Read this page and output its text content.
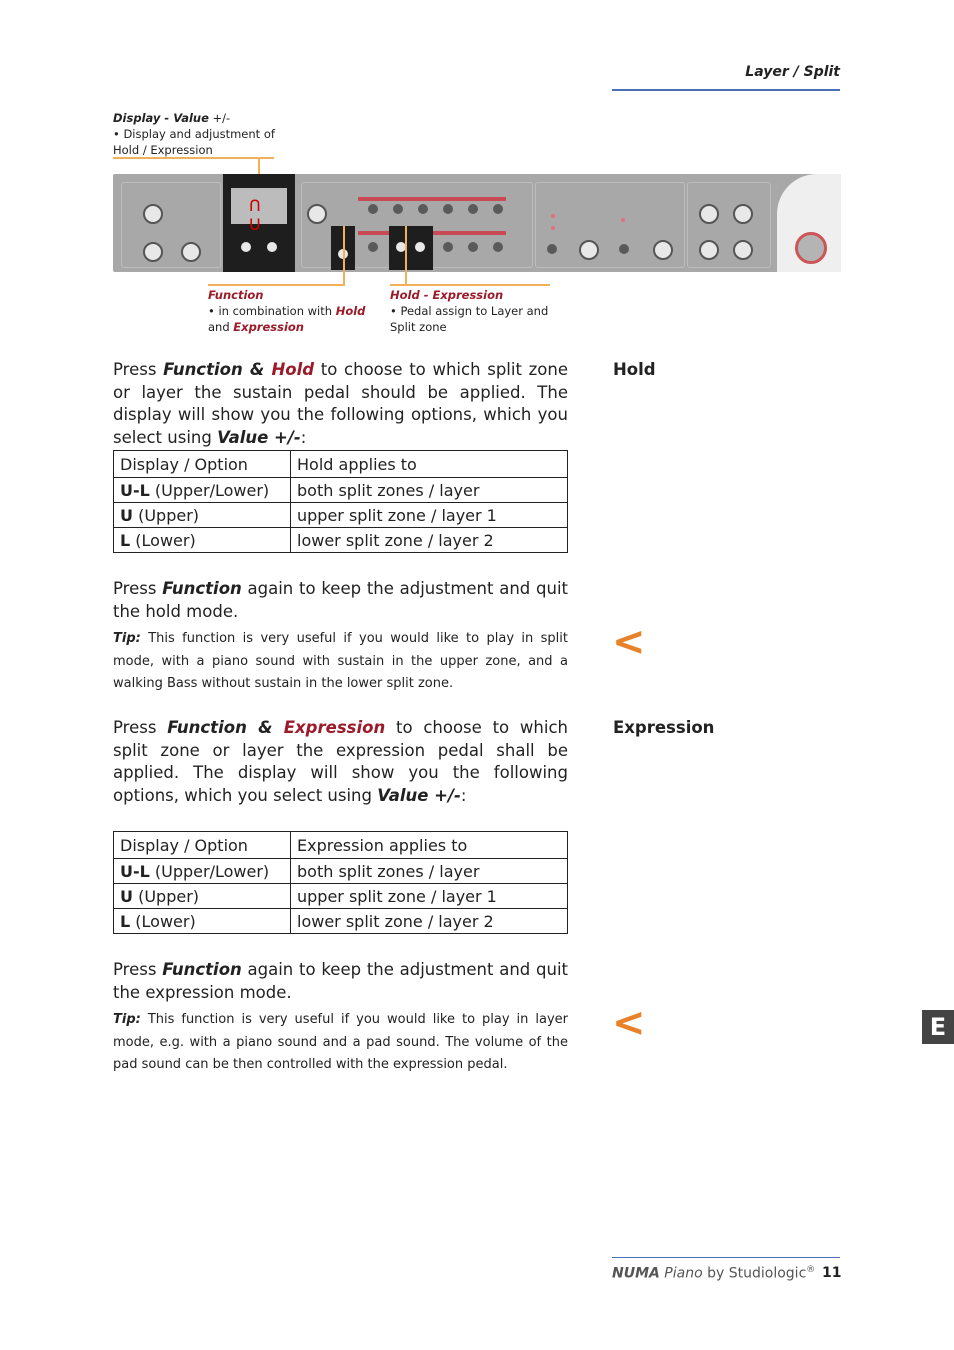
Layer / Split
Display - Value +/-
• Display and adjustment of
Hold / Expression
ᑎ ᑌ
Function
• in combination with Hold
and Expression
Hold - Expression
• Pedal assign to Layer and
Split zone
Hold
Press Function & Hold to choose to which split zone or layer the sustain pedal should be applied. The display will show you the following options, which you select using Value +/-:
Display / Option	Hold applies to
U-L (Upper/Lower)	both split zones / layer
U (Upper)	upper split zone / layer 1
L (Lower)	lower split zone / layer 2
Press Function again to keep the adjustment and quit the hold mode.
Tip: This function is very useful if you would like to play in split mode, with a piano sound with sustain in the upper zone, and a walking Bass without sustain in the lower split zone.
<
Expression
Press Function & Expression to choose to which split zone or layer the expression pedal shall be applied. The display will show you the following options, which you select using Value +/-:
Display / Option	Expression applies to
U-L (Upper/Lower)	both split zones / layer
U (Upper)	upper split zone / layer 1
L (Lower)	lower split zone / layer 2
Press Function again to keep the adjustment and quit the expression mode.
Tip: This function is very useful if you would like to play in layer mode, e.g. with a piano sound and a pad sound. The volume of the pad sound can be then controlled with the expression pedal.
<	E
NUMA Piano by Studiologic® 11
